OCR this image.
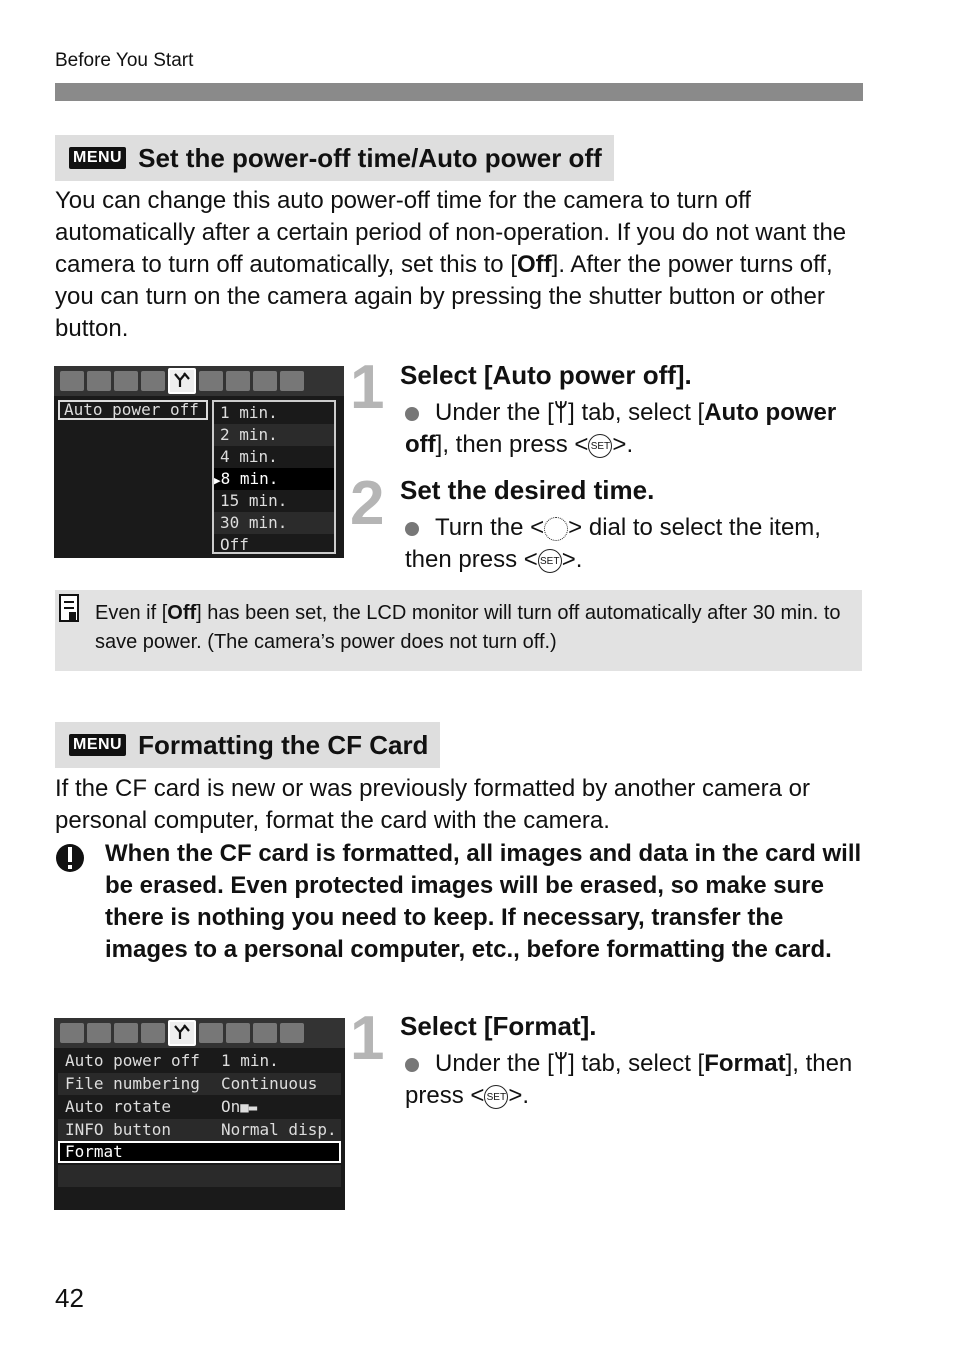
Before You Start
MENU Set the power-off time/Auto power off
You can change this auto power-off time for the camera to turn off automatically after a certain period of non-operation. If you do not want the camera to turn off automatically, set this to [Off]. After the power turns off, you can turn on the camera again by pressing the shutter button or other button.
Auto power off	1 min.
2 min.
4 min.
▶8 min.
15 min.
30 min.
Off
1 Select [Auto power off].
Under the [ᛘ] tab, select [Auto power off], then press < SET>.
2 Set the desired time.
Turn the < > dial to select the item, then press < SET>.
Even if [Off] has been set, the LCD monitor will turn off automatically after 30 min. to save power. (The camera’s power does not turn off.)
MENU Formatting the CF Card
If the CF card is new or was previously formatted by another camera or personal computer, format the card with the camera.
When the CF card is formatted, all images and data in the card will be erased. Even protected images will be erased, so make sure there is nothing you need to keep. If necessary, transfer the images to a personal computer, etc., before formatting the card.
Auto power off 1 min.
File numbering Continuous
Auto rotate	On■▬
INFO button	Normal disp.
Format
1 Select [Format].
Under the [ᛘ] tab, select [Format], then press < SET>.
42
